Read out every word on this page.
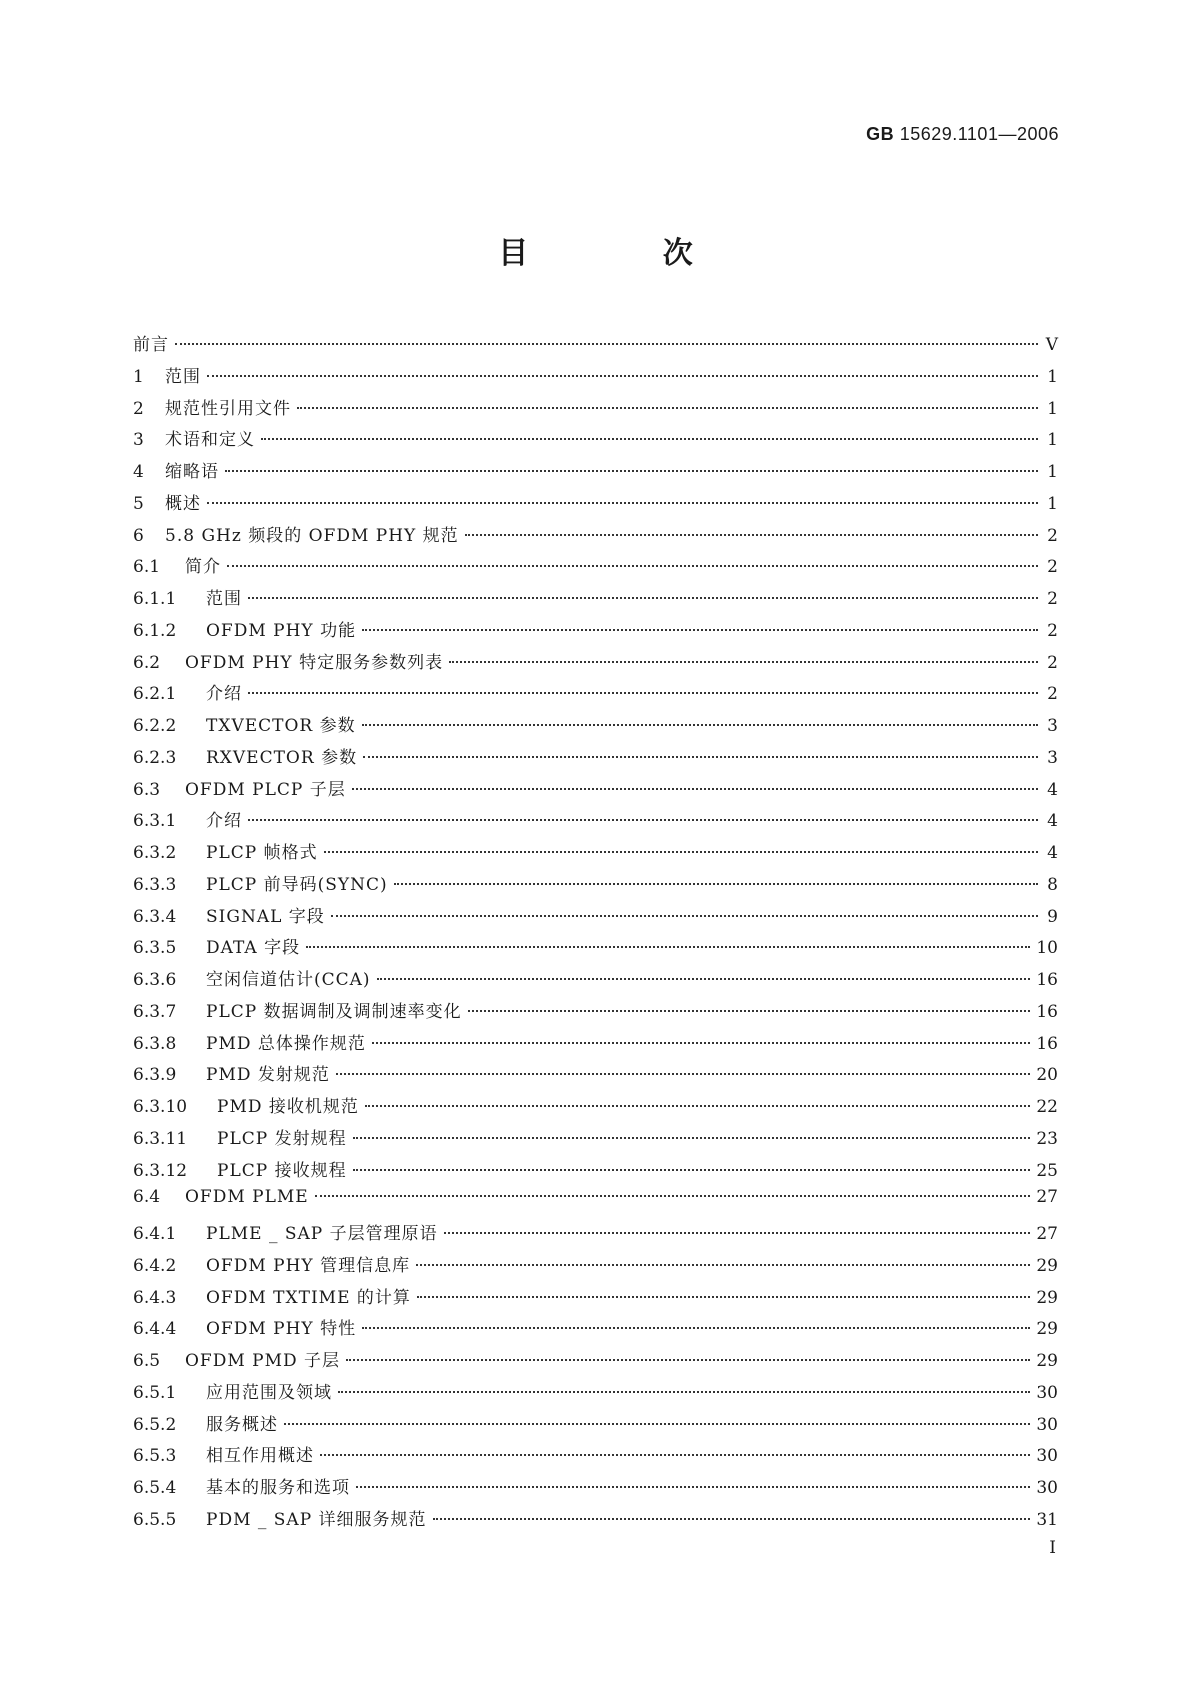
GB 15629.1101—2006
目 次
前言	V
1	范围	1
2	规范性引用文件	1
3	术语和定义	1
4	缩略语	1
5	概述	1
6	5.8 GHz 频段的 OFDM PHY 规范	2
6.1	简介	2
6.1.1	范围	2
6.1.2	OFDM PHY 功能	2
6.2	OFDM PHY 特定服务参数列表	2
6.2.1	介绍	2
6.2.2	TXVECTOR 参数	3
6.2.3	RXVECTOR 参数	3
6.3	OFDM PLCP 子层	4
6.3.1	介绍	4
6.3.2	PLCP 帧格式	4
6.3.3	PLCP 前导码(SYNC)	8
6.3.4	SIGNAL 字段	9
6.3.5	DATA 字段	10
6.3.6	空闲信道估计(CCA)	16
6.3.7	PLCP 数据调制及调制速率变化	16
6.3.8	PMD 总体操作规范	16
6.3.9	PMD 发射规范	20
6.3.10	PMD 接收机规范	22
6.3.11	PLCP 发射规程	23
6.3.12	PLCP 接收规程	25
6.4	OFDM PLME	27
6.4.1	PLME _ SAP 子层管理原语	27
6.4.2	OFDM PHY 管理信息库	29
6.4.3	OFDM TXTIME 的计算	29
6.4.4	OFDM PHY 特性	29
6.5	OFDM PMD 子层	29
6.5.1	应用范围及领域	30
6.5.2	服务概述	30
6.5.3	相互作用概述	30
6.5.4	基本的服务和选项	30
6.5.5	PDM _ SAP 详细服务规范	31
I
